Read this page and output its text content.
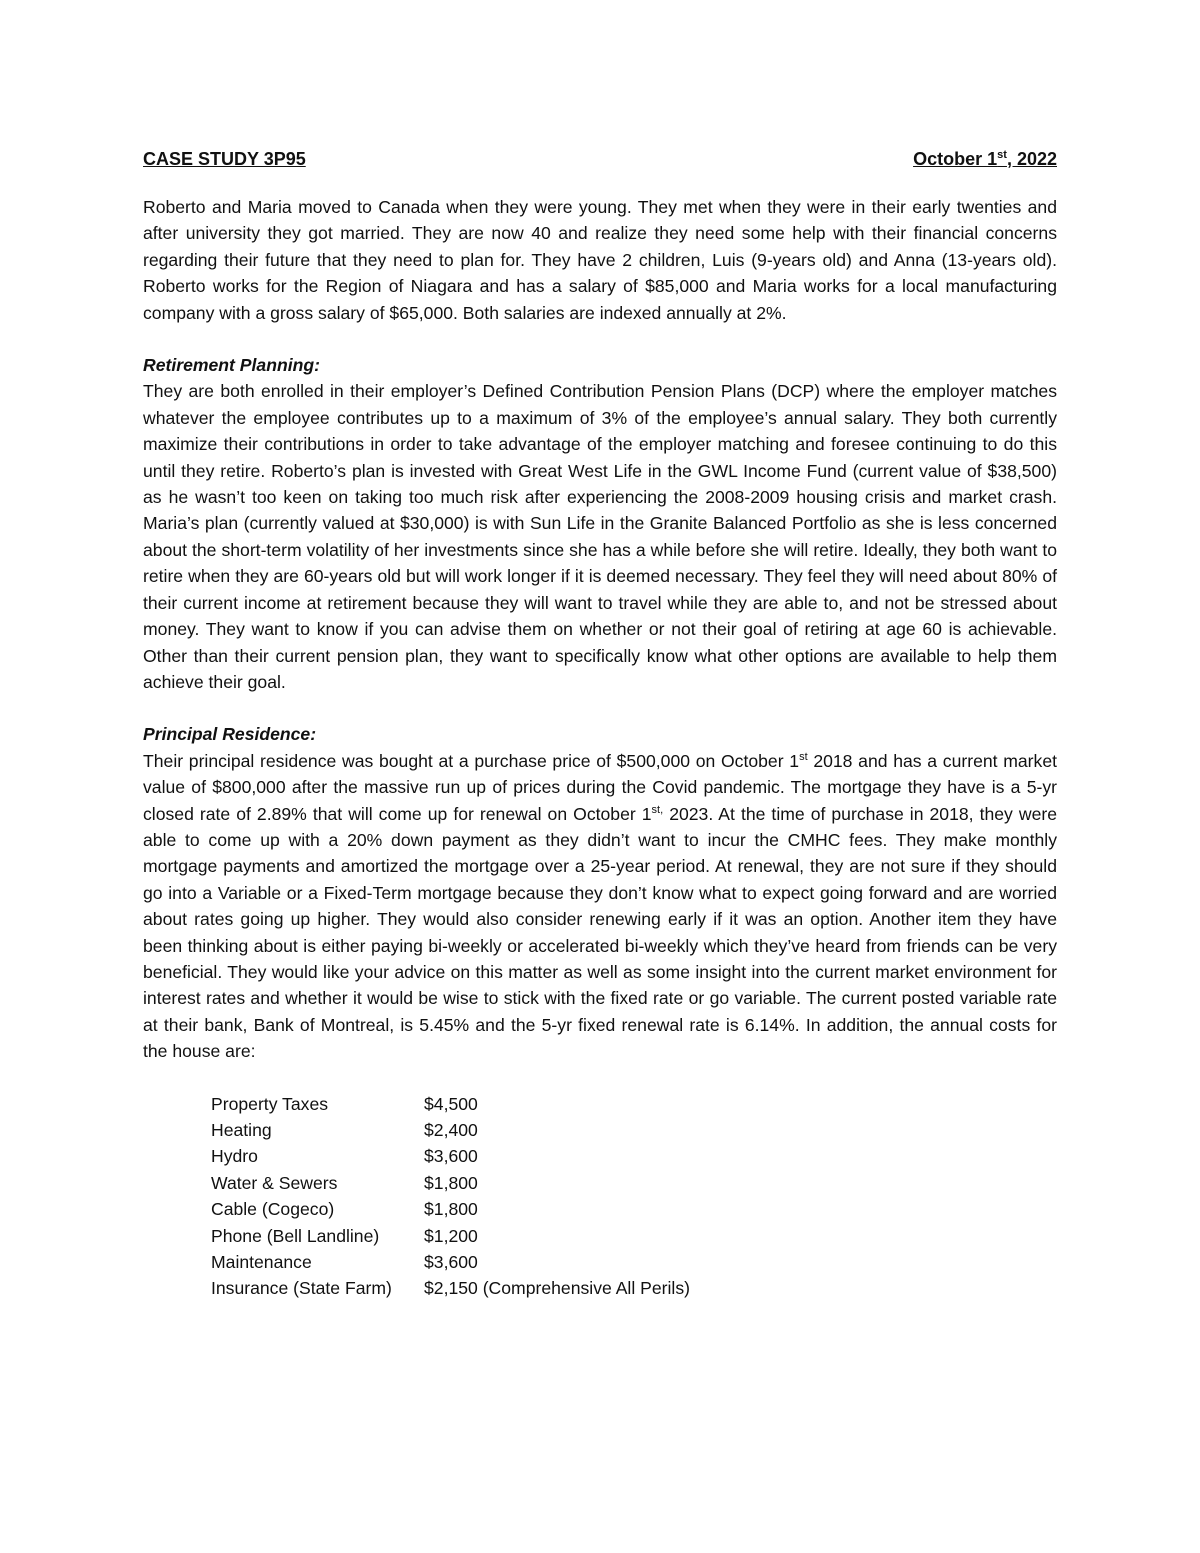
CASE STUDY 3P95	October 1st, 2022

Roberto and Maria moved to Canada when they were young. They met when they were in their early twenties and after university they got married. They are now 40 and realize they need some help with their financial concerns regarding their future that they need to plan for. They have 2 children, Luis (9-years old) and Anna (13-years old). Roberto works for the Region of Niagara and has a salary of $85,000 and Maria works for a local manufacturing company with a gross salary of $65,000. Both salaries are indexed annually at 2%.

Retirement Planning:

They are both enrolled in their employer’s Defined Contribution Pension Plans (DCP) where the employer matches whatever the employee contributes up to a maximum of 3% of the employee’s annual salary. They both currently maximize their contributions in order to take advantage of the employer matching and foresee continuing to do this until they retire. Roberto’s plan is invested with Great West Life in the GWL Income Fund (current value of $38,500) as he wasn’t too keen on taking too much risk after experiencing the 2008-2009 housing crisis and market crash. Maria’s plan (currently valued at $30,000) is with Sun Life in the Granite Balanced Portfolio as she is less concerned about the short-term volatility of her investments since she has a while before she will retire. Ideally, they both want to retire when they are 60-years old but will work longer if it is deemed necessary. They feel they will need about 80% of their current income at retirement because they will want to travel while they are able to, and not be stressed about money. They want to know if you can advise them on whether or not their goal of retiring at age 60 is achievable. Other than their current pension plan, they want to specifically know what other options are available to help them achieve their goal.

Principal Residence:

Their principal residence was bought at a purchase price of $500,000 on October 1st 2018 and has a current market value of $800,000 after the massive run up of prices during the Covid pandemic. The mortgage they have is a 5-yr closed rate of 2.89% that will come up for renewal on October $1^{st,}$ 2023. At the time of purchase in 2018, they were able to come up with a 20% down payment as they didn’t want to incur the CMHC fees. They make monthly mortgage payments and amortized the mortgage over a 25-year period. At renewal, they are not sure if they should go into a Variable or a Fixed-Term mortgage because they don’t know what to expect going forward and are worried about rates going up higher. They would also consider renewing early if it was an option. Another item they have been thinking about is either paying bi-weekly or accelerated bi-weekly which they’ve heard from friends can be very beneficial. They would like your advice on this matter as well as some insight into the current market environment for interest rates and whether it would be wise to stick with the fixed rate or go variable. The current posted variable rate at their bank, Bank of Montreal, is 5.45% and the 5-yr fixed renewal rate is 6.14%. In addition, the annual costs for the house are:

Property Taxes	$4,500
Heating	$2,400
Hydro	$3,600
Water & Sewers	$1,800
Cable (Cogeco)	$1,800
Phone (Bell Landline)	$1,200
Maintenance	$3,600
Insurance (State Farm)	$2,150 (Comprehensive All Perils)
